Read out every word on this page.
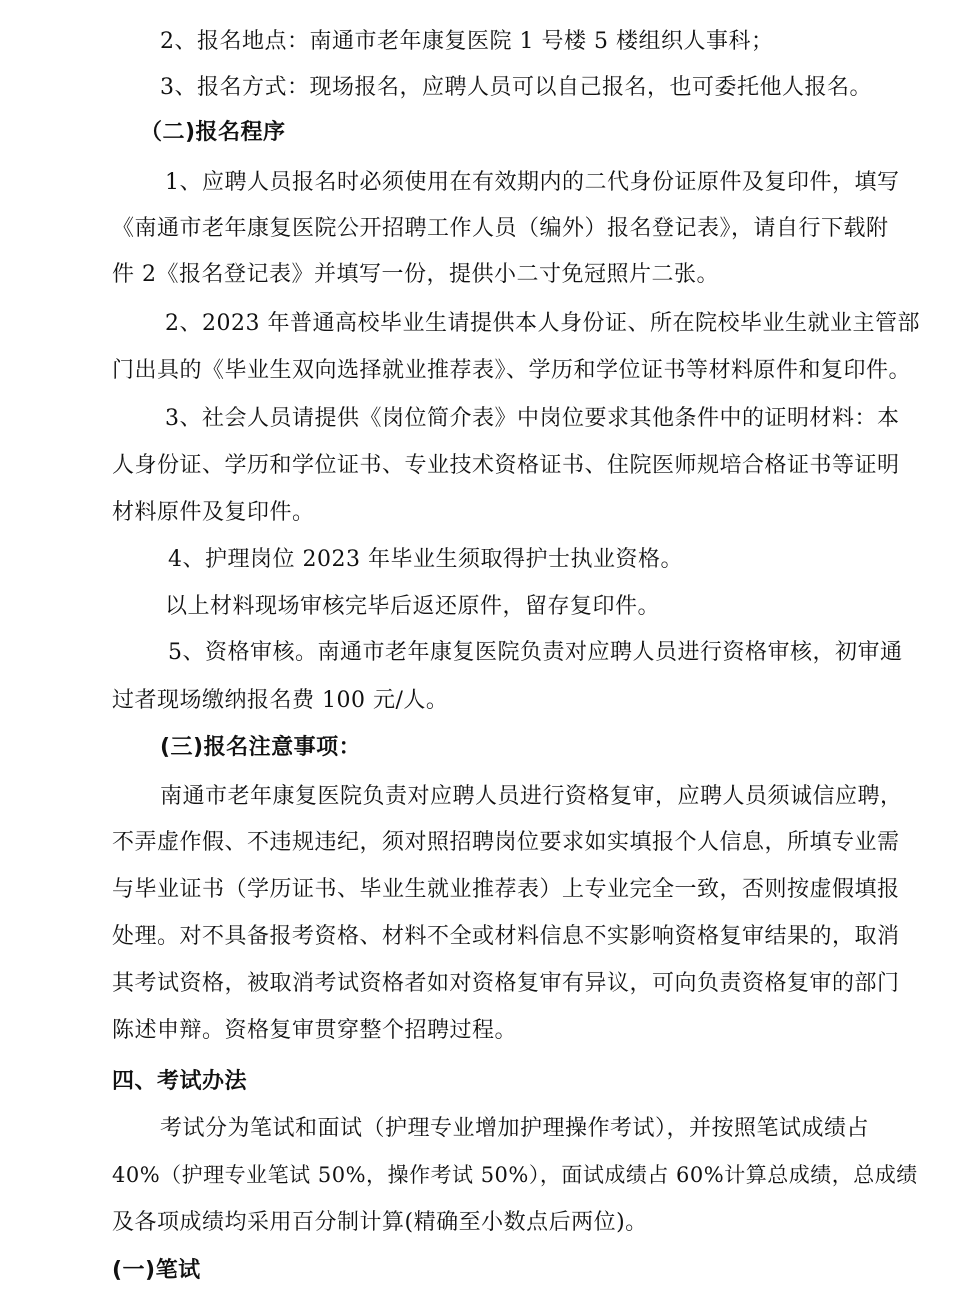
2、报名地点：南通市老年康复医院 1 号楼 5 楼组织人事科；
3、报名方式：现场报名，应聘人员可以自己报名，也可委托他人报名。
（二)报名程序
1、应聘人员报名时必须使用在有效期内的二代身份证原件及复印件，填写
《南通市老年康复医院公开招聘工作人员（编外）报名登记表》，请自行下载附
件 2《报名登记表》并填写一份，提供小二寸免冠照片二张。
2、2023 年普通高校毕业生请提供本人身份证、所在院校毕业生就业主管部
门出具的《毕业生双向选择就业推荐表》、学历和学位证书等材料原件和复印件。
3、社会人员请提供《岗位简介表》中岗位要求其他条件中的证明材料：本
人身份证、学历和学位证书、专业技术资格证书、住院医师规培合格证书等证明
材料原件及复印件。
4、护理岗位 2023 年毕业生须取得护士执业资格。
以上材料现场审核完毕后返还原件，留存复印件。
5、资格审核。南通市老年康复医院负责对应聘人员进行资格审核，初审通
过者现场缴纳报名费 100 元/人。
(三)报名注意事项：
南通市老年康复医院负责对应聘人员进行资格复审，应聘人员须诚信应聘，
不弄虚作假、不违规违纪，须对照招聘岗位要求如实填报个人信息，所填专业需
与毕业证书（学历证书、毕业生就业推荐表）上专业完全一致，否则按虚假填报
处理。对不具备报考资格、材料不全或材料信息不实影响资格复审结果的，取消
其考试资格，被取消考试资格者如对资格复审有异议，可向负责资格复审的部门
陈述申辩。资格复审贯穿整个招聘过程。
四、考试办法
考试分为笔试和面试（护理专业增加护理操作考试），并按照笔试成绩占
40%（护理专业笔试 50%，操作考试 50%），面试成绩占 60%计算总成绩，总成绩
及各项成绩均采用百分制计算(精确至小数点后两位)。
(一)笔试
